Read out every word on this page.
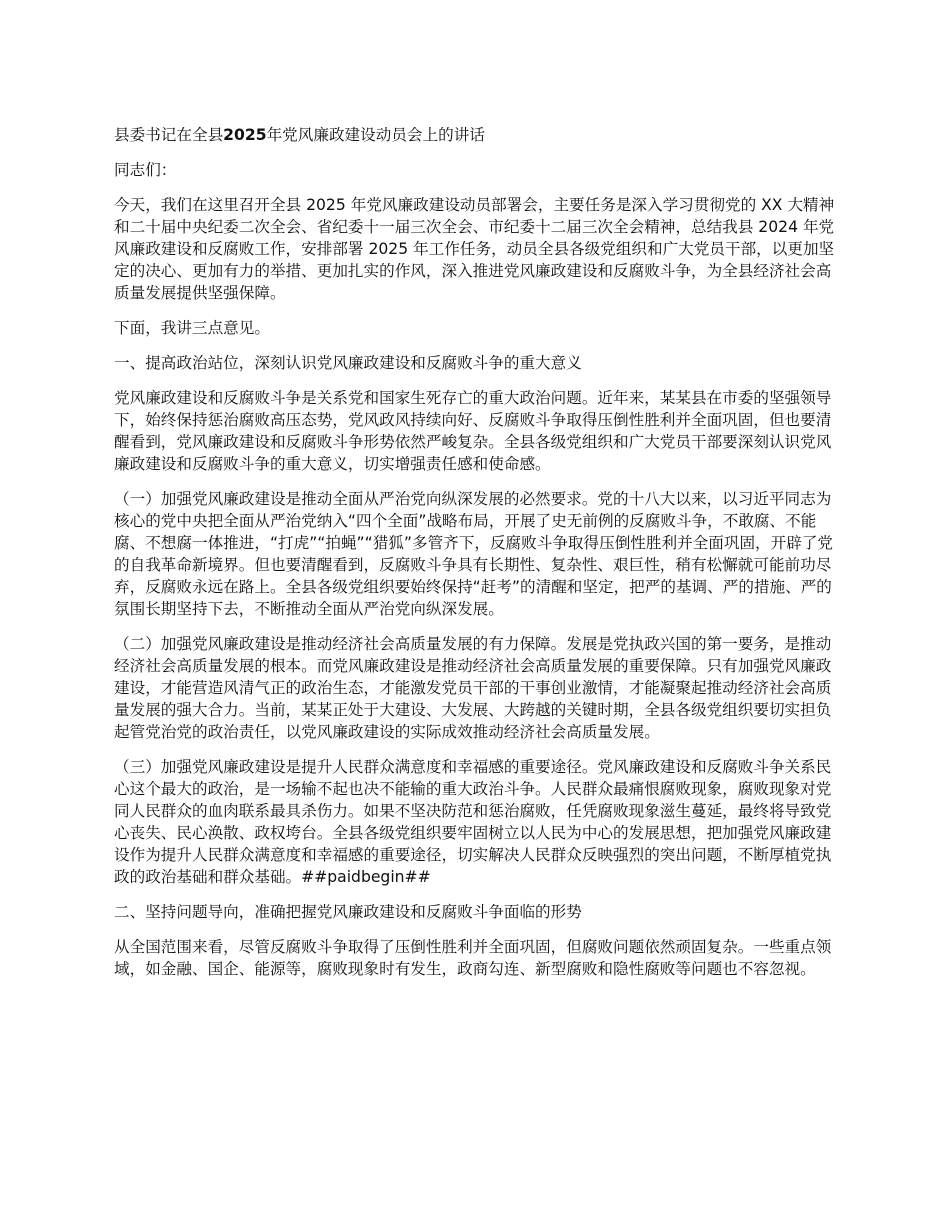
县委书记在全县2025年党风廉政建设动员会上的讲话

同志们：

今天，我们在这里召开全县 2025 年党风廉政建设动员部署会，主要任务是深入学习贯彻党的 XX 大精神和二十届中央纪委二次全会、省纪委十一届三次全会、市纪委十二届三次全会精神，总结我县 2024 年党风廉政建设和反腐败工作，安排部署 2025 年工作任务，动员全县各级党组织和广大党员干部，以更加坚定的决心、更加有力的举措、更加扎实的作风，深入推进党风廉政建设和反腐败斗争，为全县经济社会高质量发展提供坚强保障。

下面，我讲三点意见。

一、提高政治站位，深刻认识党风廉政建设和反腐败斗争的重大意义

党风廉政建设和反腐败斗争是关系党和国家生死存亡的重大政治问题。近年来，某某县在市委的坚强领导下，始终保持惩治腐败高压态势，党风政风持续向好、反腐败斗争取得压倒性胜利并全面巩固，但也要清醒看到，党风廉政建设和反腐败斗争形势依然严峻复杂。全县各级党组织和广大党员干部要深刻认识党风廉政建设和反腐败斗争的重大意义，切实增强责任感和使命感。

（一）加强党风廉政建设是推动全面从严治党向纵深发展的必然要求。党的十八大以来，以习近平同志为核心的党中央把全面从严治党纳入“四个全面”战略布局，开展了史无前例的反腐败斗争，不敢腐、不能腐、不想腐一体推进，“打虎”“拍蝇”“猎狐”多管齐下，反腐败斗争取得压倒性胜利并全面巩固，开辟了党的自我革命新境界。但也要清醒看到，反腐败斗争具有长期性、复杂性、艰巨性，稍有松懈就可能前功尽弃，反腐败永远在路上。全县各级党组织要始终保持“赶考”的清醒和坚定，把严的基调、严的措施、严的氛围长期坚持下去，不断推动全面从严治党向纵深发展。

（二）加强党风廉政建设是推动经济社会高质量发展的有力保障。发展是党执政兴国的第一要务，是推动经济社会高质量发展的根本。而党风廉政建设是推动经济社会高质量发展的重要保障。只有加强党风廉政建设，才能营造风清气正的政治生态，才能激发党员干部的干事创业激情，才能凝聚起推动经济社会高质量发展的强大合力。当前，某某正处于大建设、大发展、大跨越的关键时期，全县各级党组织要切实担负起管党治党的政治责任，以党风廉政建设的实际成效推动经济社会高质量发展。

（三）加强党风廉政建设是提升人民群众满意度和幸福感的重要途径。党风廉政建设和反腐败斗争关系民心这个最大的政治，是一场输不起也决不能输的重大政治斗争。人民群众最痛恨腐败现象，腐败现象对党同人民群众的血肉联系最具杀伤力。如果不坚决防范和惩治腐败，任凭腐败现象滋生蔓延，最终将导致党心丧失、民心涣散、政权垮台。全县各级党组织要牢固树立以人民为中心的发展思想，把加强党风廉政建设作为提升人民群众满意度和幸福感的重要途径，切实解决人民群众反映强烈的突出问题，不断厚植党执政的政治基础和群众基础。##paidbegin##

二、坚持问题导向，准确把握党风廉政建设和反腐败斗争面临的形势

从全国范围来看，尽管反腐败斗争取得了压倒性胜利并全面巩固，但腐败问题依然顽固复杂。一些重点领域，如金融、国企、能源等，腐败现象时有发生，政商勾连、新型腐败和隐性腐败等问题也不容忽视。
